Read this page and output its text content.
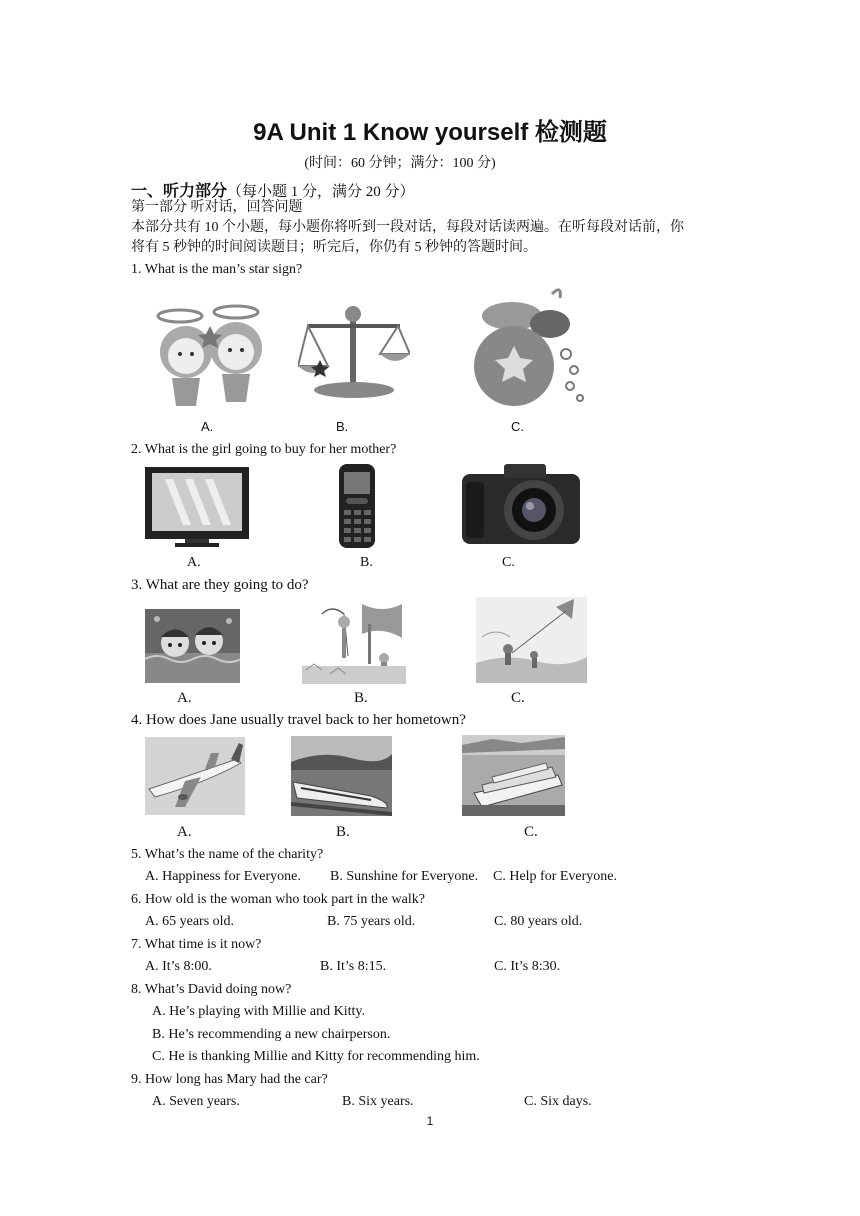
9A Unit 1 Know yourself 检测题
(时间：60 分钟；满分：100 分)
一、听力部分（每小题 1 分，满分 20 分）
第一部分 听对话，回答问题
本部分共有 10 个小题，每小题你将听到一段对话，每段对话读两遍。在听每段对话前，你
将有 5 秒钟的时间阅读题目；听完后，你仍有 5 秒钟的答题时间。
1. What is the man’s star sign?
A.	B.	C.
2. What is the girl going to buy for her mother?
A.	B.	C.
3. What are they going to do?
A.	B.	C.
4. How does Jane usually travel back to her hometown?
A.	B.	C.
5. What’s the name of the charity?
A. Happiness for Everyone. B. Sunshine for Everyone. C. Help for Everyone.
6. How old is the woman who took part in the walk?
A. 65 years old.	B. 75 years old.	C. 80 years old.
7. What time is it now?
A. It’s 8:00.	B. It’s 8:15.	C. It’s 8:30.
8. What’s David doing now?
A. He’s playing with Millie and Kitty.
B. He’s recommending a new chairperson.
C. He is thanking Millie and Kitty for recommending him.
9. How long has Mary had the car?
A. Seven years.	B. Six years.	C. Six days.
1
